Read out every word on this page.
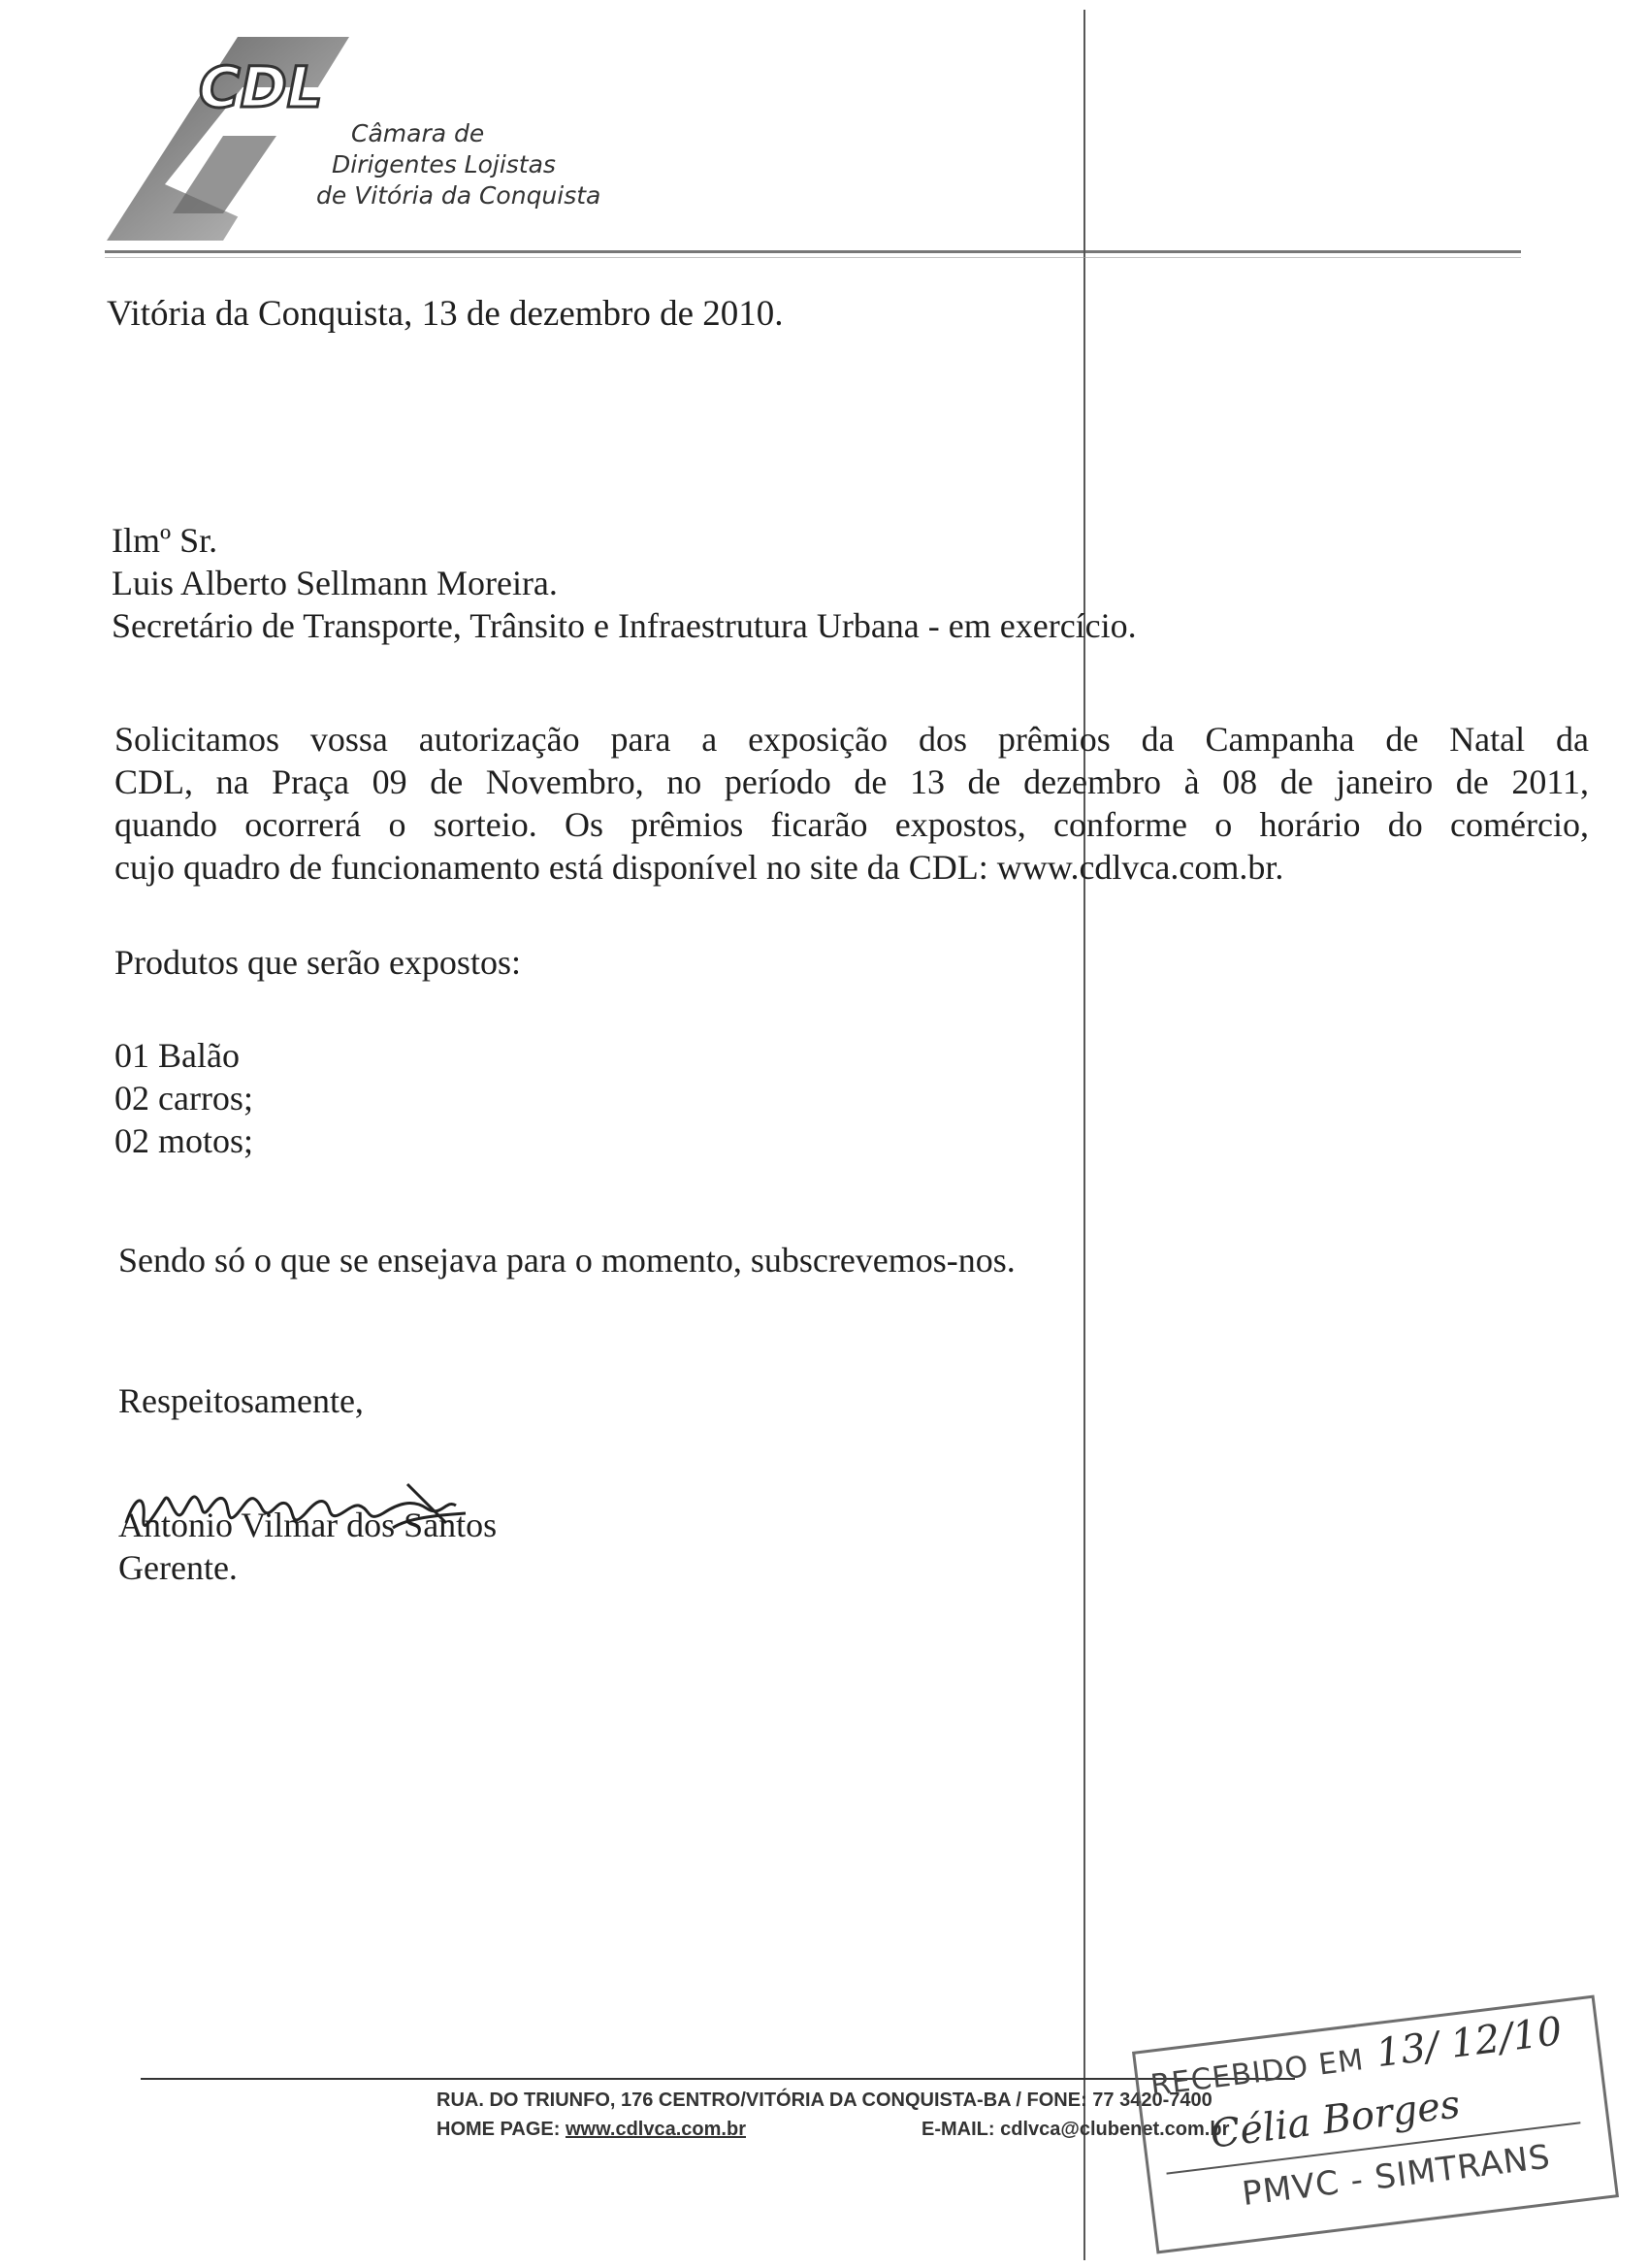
CDL
Câmara de
Dirigentes Lojistas
de Vitória da Conquista
Vitória da Conquista, 13 de dezembro de 2010.
Ilmº Sr.
Luis Alberto Sellmann Moreira.
Secretário de Transporte, Trânsito e Infraestrutura Urbana - em exercício.
Solicitamos vossa autorização para a exposição dos prêmios da Campanha de Natal da
CDL, na Praça 09 de Novembro, no período de 13 de dezembro à 08 de janeiro de 2011,
quando ocorrerá o sorteio. Os prêmios ficarão expostos, conforme o horário do comércio,
cujo quadro de funcionamento está disponível no site da CDL: www.cdlvca.com.br.
Produtos que serão expostos:
01 Balão
02 carros;
02 motos;
Sendo só o que se ensejava para o momento, subscrevemos-nos.
Respeitosamente,
Antonio Vilmar dos Santos
Gerente.
RUA. DO TRIUNFO, 176 CENTRO/VITÓRIA DA CONQUISTA-BA / FONE: 77 3420-7400
HOME PAGE: www.cdlvca.com.br	E-MAIL: cdlvca@clubenet.com.br
RECEBIDO EM 13/ 12/10
Célia Borges
PMVC - SIMTRANS
